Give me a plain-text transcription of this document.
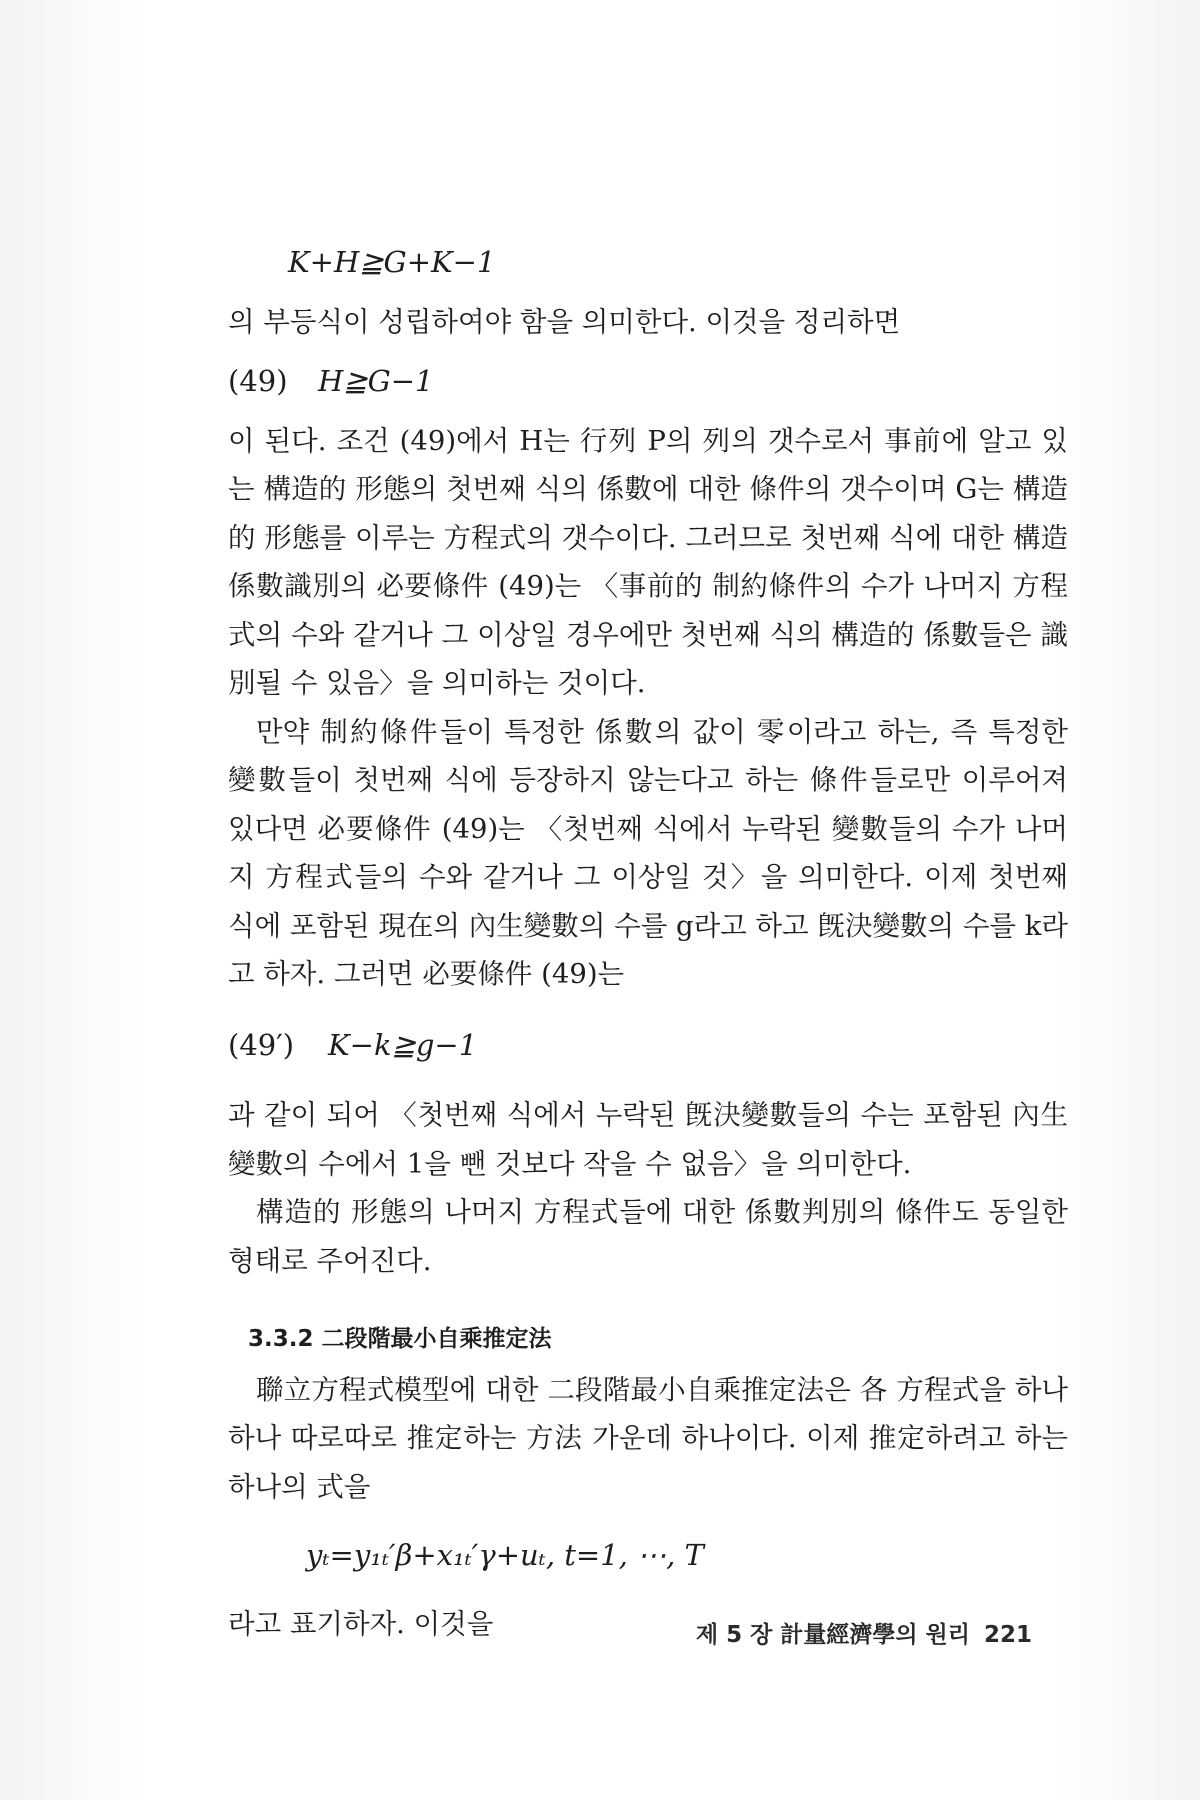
K+H≧G+K−1

의 부등식이 성립하여야 함을 의미한다. 이것을 정리하면

(49) H≧G−1

이 된다. 조건 (49)에서 H는 行列 P의 列의 갯수로서 事前에 알고 있는 構造的 形態의 첫번째 식의 係數에 대한 條件의 갯수이며 G는 構造的 形態를 이루는 方程式의 갯수이다. 그러므로 첫번째 식에 대한 構造係數識別의 必要條件 (49)는 〈事前的 制約條件의 수가 나머지 方程式의 수와 같거나 그 이상일 경우에만 첫번째 식의 構造的 係數들은 識別될 수 있음〉을 의미하는 것이다.

만약 制約條件들이 특정한 係數의 값이 零이라고 하는, 즉 특정한 變數들이 첫번째 식에 등장하지 않는다고 하는 條件들로만 이루어져 있다면 必要條件 (49)는 〈첫번째 식에서 누락된 變數들의 수가 나머지 方程式들의 수와 같거나 그 이상일 것〉을 의미한다. 이제 첫번째 식에 포함된 現在의 內生變數의 수를 g라고 하고 旣決變數의 수를 k라고 하자. 그러면 必要條件 (49)는

(49′) K−k≧g−1

과 같이 되어 〈첫번째 식에서 누락된 旣決變數들의 수는 포함된 內生變數의 수에서 1을 뺀 것보다 작을 수 없음〉을 의미한다.

構造的 形態의 나머지 方程式들에 대한 係數判別의 條件도 동일한 형태로 주어진다.

3.3.2 二段階最小自乘推定法

聯立方程式模型에 대한 二段階最小自乘推定法은 各 方程式을 하나하나 따로따로 推定하는 方法 가운데 하나이다. 이제 推定하려고 하는 하나의 式을

yₜ=y₁ₜ′β+x₁ₜ′γ+uₜ, t=1, ⋯, T

라고 표기하자. 이것을	제 5 장 計量經濟學의 원리 221
